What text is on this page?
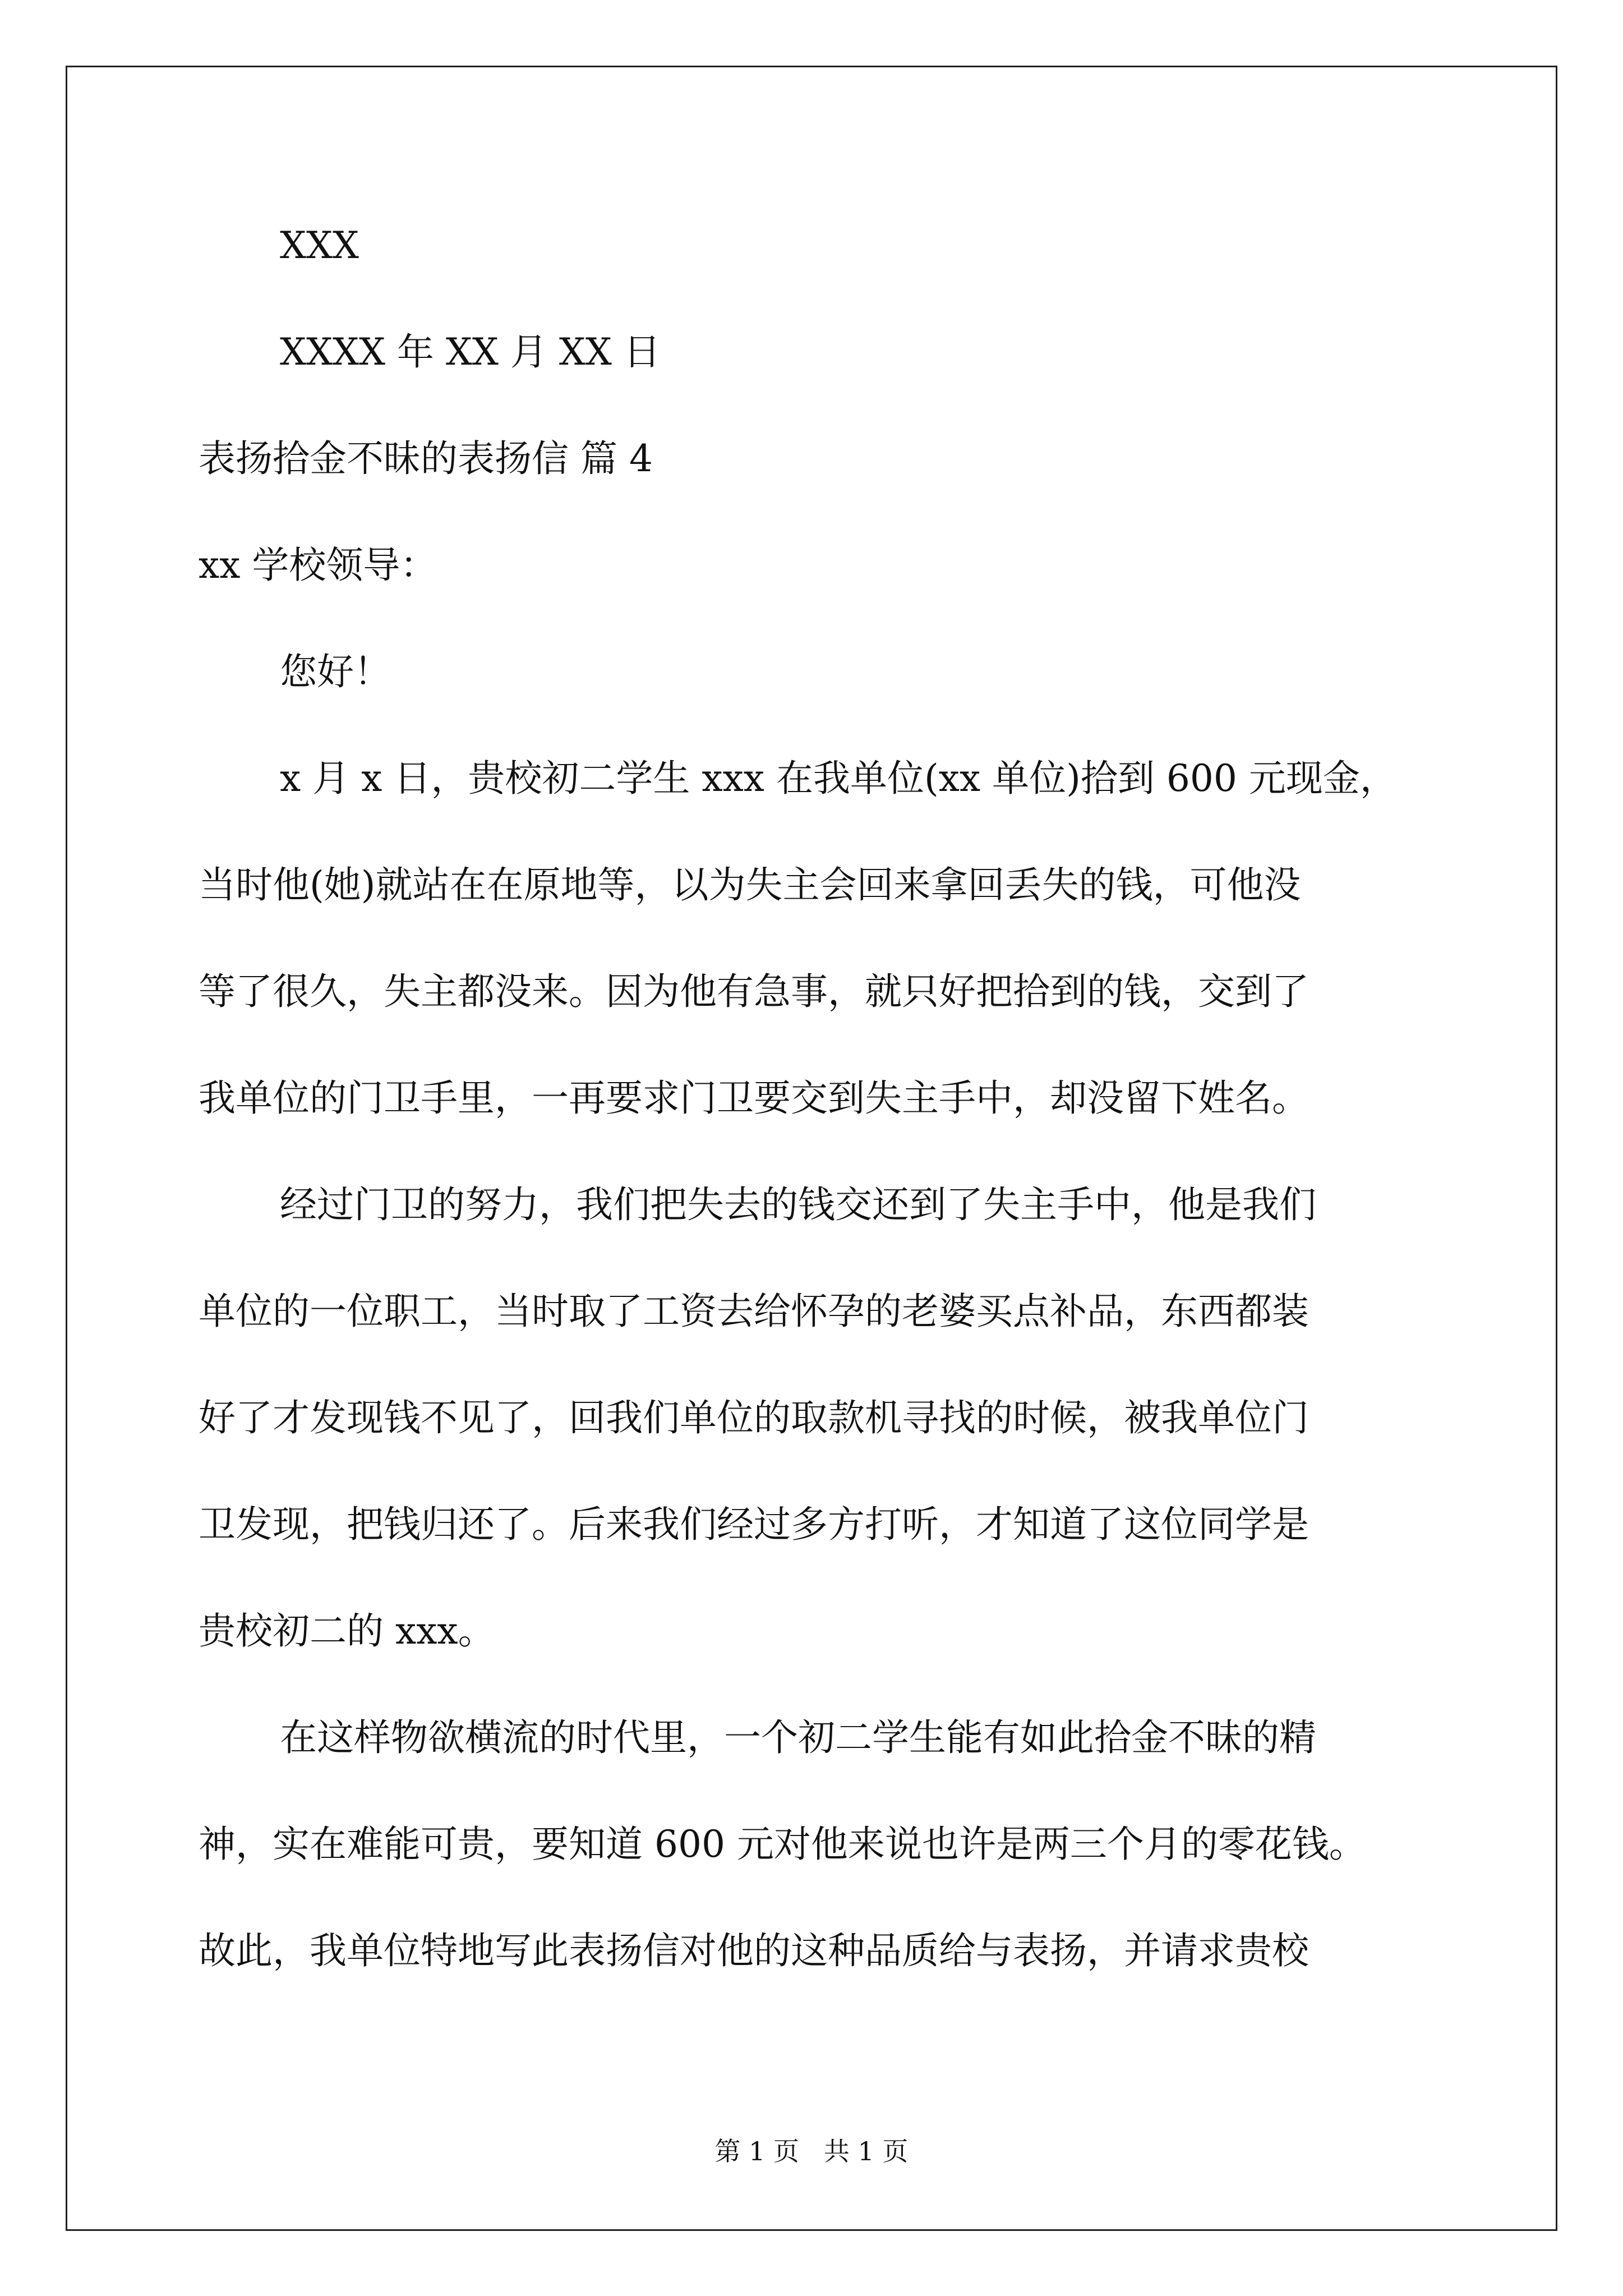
XXX
XXXX 年 XX 月 XX 日
表扬拾金不昧的表扬信 篇 4
xx 学校领导：
您好！
x 月 x 日，贵校初二学生 xxx 在我单位(xx 单位)拾到 600 元现金，
当时他(她)就站在在原地等，以为失主会回来拿回丢失的钱，可他没
等了很久，失主都没来。因为他有急事，就只好把拾到的钱，交到了
我单位的门卫手里，一再要求门卫要交到失主手中，却没留下姓名。
经过门卫的努力，我们把失去的钱交还到了失主手中，他是我们
单位的一位职工，当时取了工资去给怀孕的老婆买点补品，东西都装
好了才发现钱不见了，回我们单位的取款机寻找的时候，被我单位门
卫发现，把钱归还了。后来我们经过多方打听，才知道了这位同学是
贵校初二的 xxx。
在这样物欲横流的时代里，一个初二学生能有如此拾金不昧的精
神，实在难能可贵，要知道 600 元对他来说也许是两三个月的零花钱。
故此，我单位特地写此表扬信对他的这种品质给与表扬，并请求贵校
第 1 页   共 1 页
